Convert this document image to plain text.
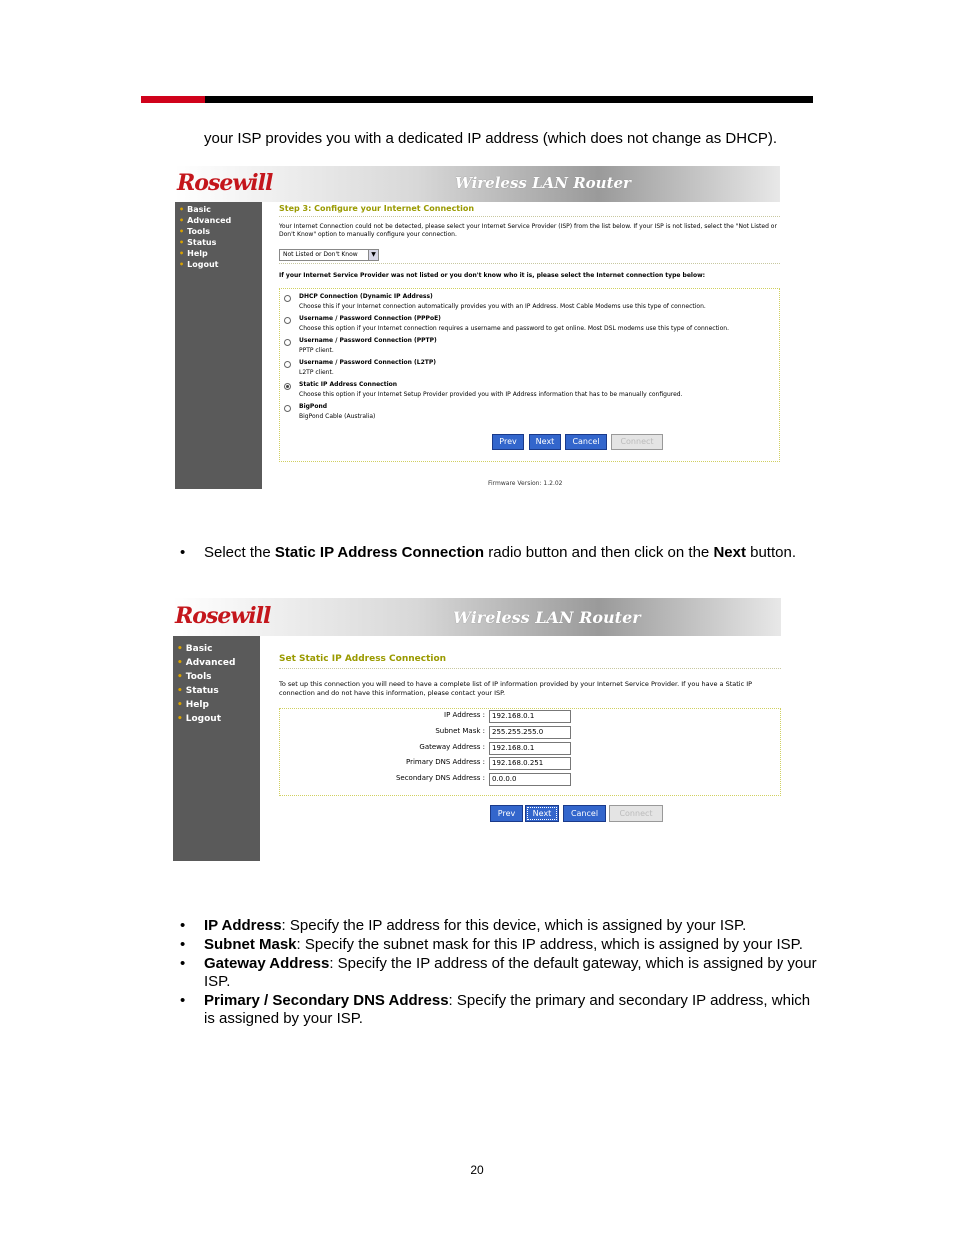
your ISP provides you with a dedicated IP address (which does not change as DHCP).
Rosewill	Wireless LAN Router
• Basic
• Advanced
• Tools
• Status
• Help
• Logout
Step 3: Configure your Internet Connection
Your Internet Connection could not be detected, please select your Internet Service Provider (ISP) from the list below. If your ISP is not listed, select the "Not Listed or Don't Know" option to manually configure your connection.
Not Listed or Don't Know	▼
If your Internet Service Provider was not listed or you don't know who it is, please select the Internet connection type below:
DHCP Connection (Dynamic IP Address)
Choose this if your Internet connection automatically provides you with an IP Address. Most Cable Modems use this type of connection.
Username / Password Connection (PPPoE)
Choose this option if your Internet connection requires a username and password to get online. Most DSL modems use this type of connection.
Username / Password Connection (PPTP)
PPTP client.
Username / Password Connection (L2TP)
L2TP client.
Static IP Address Connection
Choose this option if your Internet Setup Provider provided you with IP Address information that has to be manually configured.
BigPond
BigPond Cable (Australia)
Prev	Next	Cancel	Connect
Firmware Version: 1.2.02
• Select the Static IP Address Connection radio button and then click on the Next button.
Rosewill	Wireless LAN Router
• Basic
• Advanced
• Tools
• Status
• Help
• Logout
Set Static IP Address Connection
To set up this connection you will need to have a complete list of IP information provided by your Internet Service Provider. If you have a Static IP connection and do not have this information, please contact your ISP.
IP Address :	192.168.0.1
Subnet Mask :	255.255.255.0
Gateway Address :	192.168.0.1
Primary DNS Address :	192.168.0.251
Secondary DNS Address :	0.0.0.0
Prev	Next	Cancel	Connect
• IP Address: Specify the IP address for this device, which is assigned by your ISP.
• Subnet Mask: Specify the subnet mask for this IP address, which is assigned by your ISP.
• Gateway Address: Specify the IP address of the default gateway, which is assigned by your ISP.
• Primary / Secondary DNS Address: Specify the primary and secondary IP address, which is assigned by your ISP.
20
